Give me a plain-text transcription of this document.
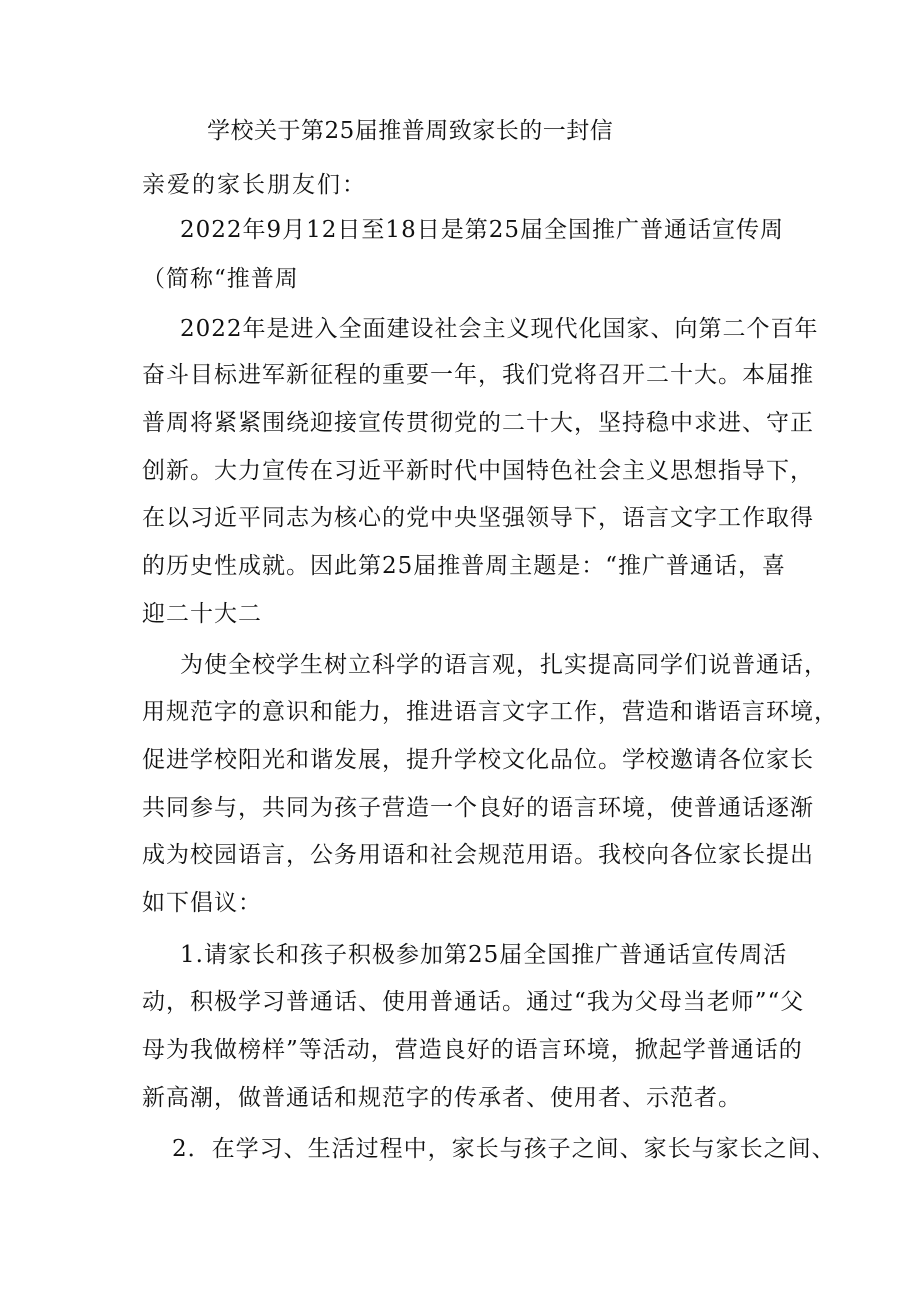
学校关于第25届推普周致家长的一封信
亲爱的家长朋友们：
2022年9月12日至18日是第25届全国推广普通话宣传周
（简称“推普周
2022年是进入全面建设社会主义现代化国家、向第二个百年
奋斗目标进军新征程的重要一年，我们党将召开二十大。本届推
普周将紧紧围绕迎接宣传贯彻党的二十大，坚持稳中求进、守正
创新。大力宣传在习近平新时代中国特色社会主义思想指导下，
在以习近平同志为核心的党中央坚强领导下，语言文字工作取得
的历史性成就。因此第25届推普周主题是：“推广普通话，喜
迎二十大二
为使全校学生树立科学的语言观，扎实提高同学们说普通话，
用规范字的意识和能力，推进语言文字工作，营造和谐语言环境，
促进学校阳光和谐发展，提升学校文化品位。学校邀请各位家长
共同参与，共同为孩子营造一个良好的语言环境，使普通话逐渐
成为校园语言，公务用语和社会规范用语。我校向各位家长提出
如下倡议：
1.请家长和孩子积极参加第25届全国推广普通话宣传周活
动，积极学习普通话、使用普通话。通过“我为父母当老师”“父
母为我做榜样”等活动，营造良好的语言环境，掀起学普通话的
新高潮，做普通话和规范字的传承者、使用者、示范者。
2．在学习、生活过程中，家长与孩子之间、家长与家长之间、
